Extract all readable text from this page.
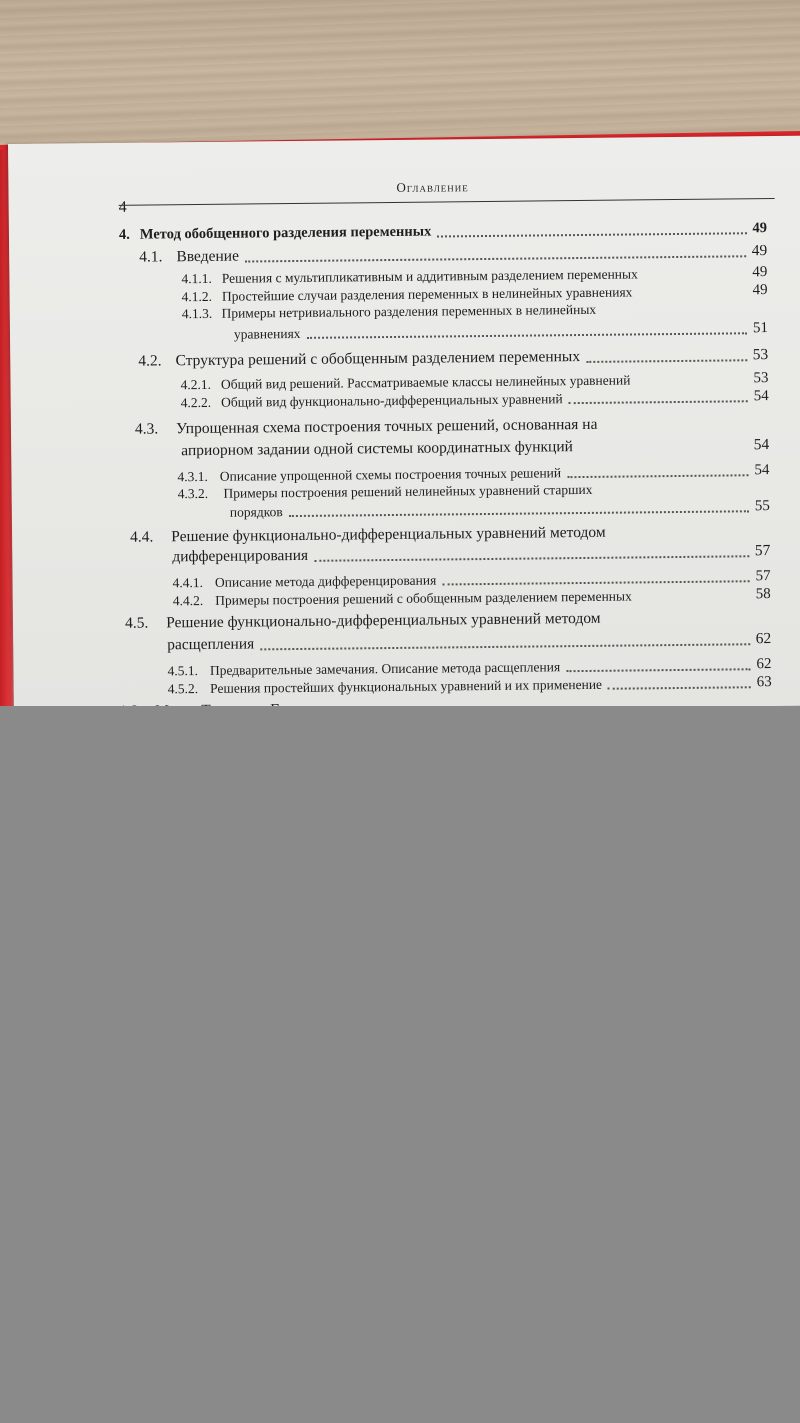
Оглавление
4
4. Метод обобщенного разделения переменных	49
4.1. Введение	49
4.1.1. Решения с мультипликативным и аддитивным разделением переменных	49
4.1.2. Простейшие случаи разделения переменных в нелинейных уравнениях	49
4.1.3. Примеры нетривиального разделения переменных в нелинейных
уравнениях	51
4.2. Структура решений с обобщенным разделением переменных	53
4.2.1. Общий вид решений. Рассматриваемые классы нелинейных уравнений	53
4.2.2. Общий вид функционально-дифференциальных уравнений	54
4.3. Упрощенная схема построения точных решений, основанная на
априорном задании одной системы координатных функций	54
4.3.1. Описание упрощенной схемы построения точных решений	54
4.3.2. Примеры построения решений нелинейных уравнений старших
порядков	55
4.4. Решение функционально-дифференциальных уравнений методом
дифференцирования	57
4.4.1. Описание метода дифференцирования	57
4.4.2. Примеры построения решений с обобщенным разделением переменных	58
4.5. Решение функционально-дифференциальных уравнений методом
расщепления	62
4.5.1. Предварительные замечания. Описание метода расщепления	62
4.5.2. Решения простейших функциональных уравнений и их применение	63
